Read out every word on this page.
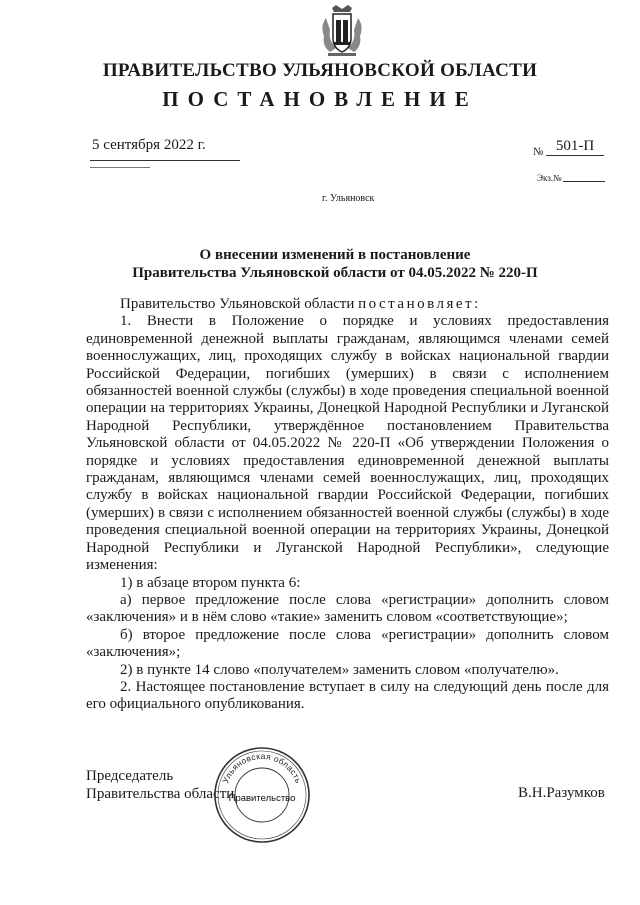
ПРАВИТЕЛЬСТВО УЛЬЯНОВСКОЙ ОБЛАСТИ
ПОСТАНОВЛЕНИЕ
5 сентября 2022 г.	№ 501-П
Экз.№
г. Ульяновск
О внесении изменений в постановление
Правительства Ульяновской области от 04.05.2022 № 220-П

Правительство Ульяновской области постановляет:

1. Внести в Положение о порядке и условиях предоставления единовременной денежной выплаты гражданам, являющимся членами семей военнослужащих, лиц, проходящих службу в войсках национальной гвардии Российской Федерации, погибших (умерших) в связи с исполнением обязанностей военной службы (службы) в ходе проведения специальной военной операции на территориях Украины, Донецкой Народной Республики и Луганской Народной Республики, утверждённое постановлением Правительства Ульяновской области от 04.05.2022 № 220-П «Об утверждении Положения о порядке и условиях предоставления единовременной денежной выплаты гражданам, являющимся членами семей военнослужащих, лиц, проходящих службу в войсках национальной гвардии Российской Федерации, погибших (умерших) в связи с исполнением обязанностей военной службы (службы) в ходе проведения специальной военной операции на территориях Украины, Донецкой Народной Республики и Луганской Народной Республики», следующие изменения:

1) в абзаце втором пункта 6:

а) первое предложение после слова «регистрации» дополнить словом «заключения» и в нём слово «такие» заменить словом «соответствующие»;

б) второе предложение после слова «регистрации» дополнить словом «заключения»;

2) в пункте 14 слово «получателем» заменить словом «получателю».

2. Настоящее постановление вступает в силу на следующий день после для его официального опубликования.

Председатель
Правительства области
Ульяновская область
Правительство	В.Н.Разумков
